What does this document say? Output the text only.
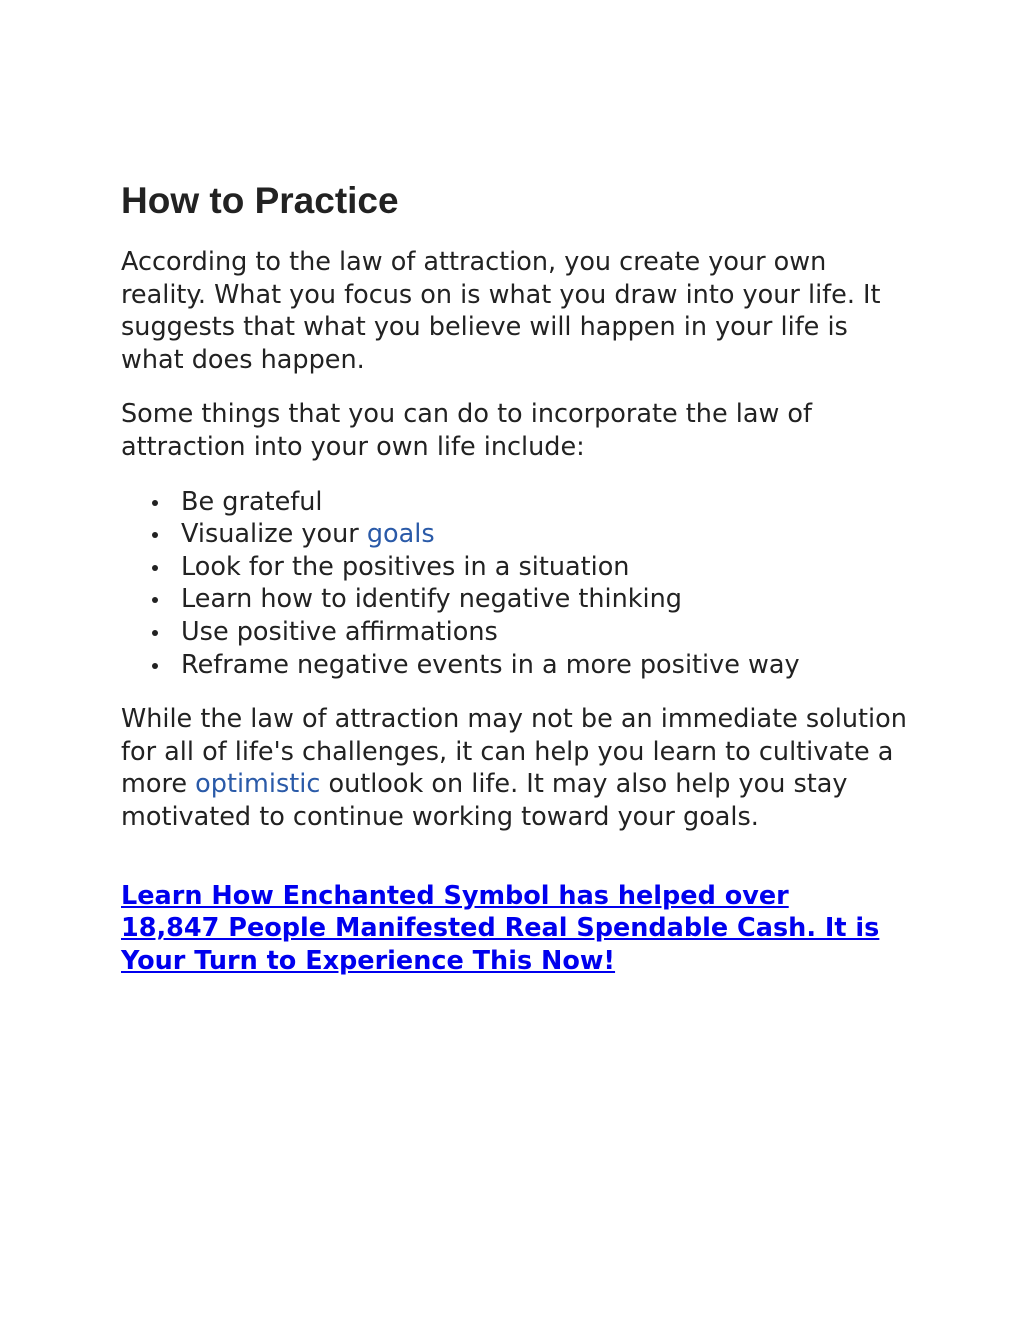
How to Practice

According to the law of attraction, you create your own reality. What you focus on is what you draw into your life. It suggests that what you believe will happen in your life is what does happen.

Some things that you can do to incorporate the law of attraction into your own life include:

Be grateful
Visualize your goals
Look for the positives in a situation
Learn how to identify negative thinking
Use positive affirmations
Reframe negative events in a more positive way

While the law of attraction may not be an immediate solution for all of life's challenges, it can help you learn to cultivate a more optimistic outlook on life. It may also help you stay motivated to continue working toward your goals.

Learn How Enchanted Symbol has helped over 18,847 People Manifested Real Spendable Cash. It is Your Turn to Experience This Now!
